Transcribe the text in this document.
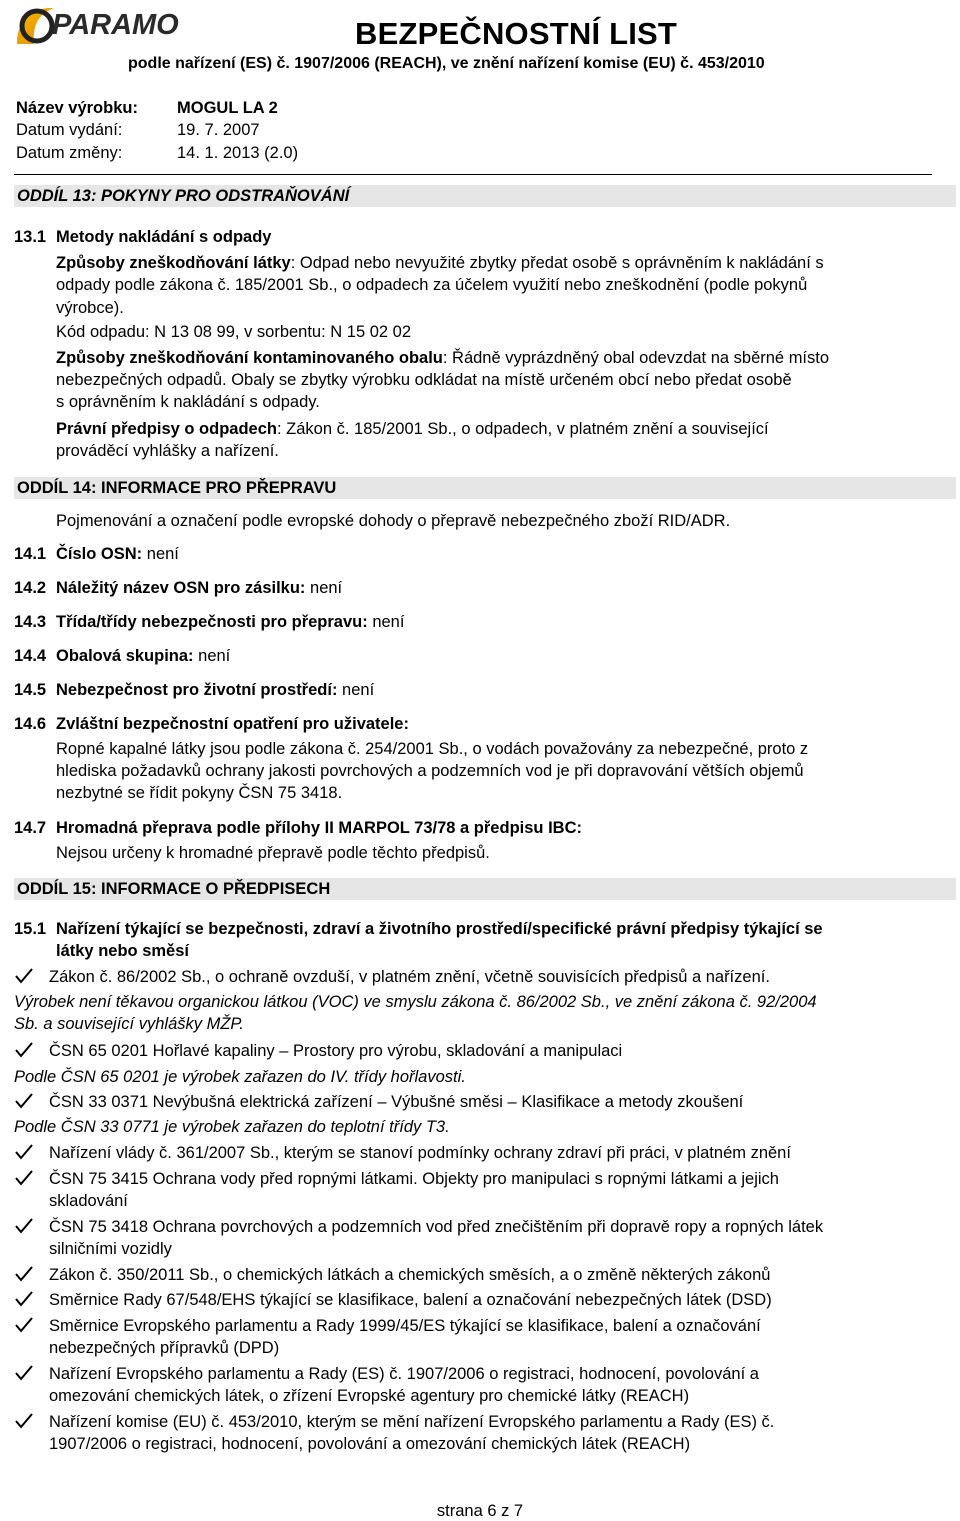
PARAMO	BEZPEČNOSTNÍ LIST
podle nařízení (ES) č. 1907/2006 (REACH), ve znění nařízení komise (EU) č. 453/2010
Název výrobku: MOGUL LA 2
Datum vydání:	19. 7. 2007
Datum změny:	14. 1. 2013 (2.0)
ODDÍL 13: POKYNY PRO ODSTRAŇOVÁNÍ
13.1 Metody nakládání s odpady
Způsoby zneškodňování látky: Odpad nebo nevyužité zbytky předat osobě s oprávněním k nakládání s
odpady podle zákona č. 185/2001 Sb., o odpadech za účelem využití nebo zneškodnění (podle pokynů
výrobce).
Kód odpadu: N 13 08 99, v sorbentu: N 15 02 02
Způsoby zneškodňování kontaminovaného obalu: Řádně vyprázdněný obal odevzdat na sběrné místo
nebezpečných odpadů. Obaly se zbytky výrobku odkládat na místě určeném obcí nebo předat osobě
s oprávněním k nakládání s odpady.
Právní předpisy o odpadech: Zákon č. 185/2001 Sb., o odpadech, v platném znění a související
prováděcí vyhlášky a nařízení.
ODDÍL 14: INFORMACE PRO PŘEPRAVU
Pojmenování a označení podle evropské dohody o přepravě nebezpečného zboží RID/ADR.
14.1 Číslo OSN: není
14.2 Náležitý název OSN pro zásilku: není
14.3 Třída/třídy nebezpečnosti pro přepravu: není
14.4 Obalová skupina: není
14.5 Nebezpečnost pro životní prostředí: není
14.6 Zvláštní bezpečnostní opatření pro uživatele:
Ropné kapalné látky jsou podle zákona č. 254/2001 Sb., o vodách považovány za nebezpečné, proto z
hlediska požadavků ochrany jakosti povrchových a podzemních vod je při dopravování větších objemů
nezbytné se řídit pokyny ČSN 75 3418.
14.7 Hromadná přeprava podle přílohy II MARPOL 73/78 a předpisu IBC:
Nejsou určeny k hromadné přepravě podle těchto předpisů.
ODDÍL 15: INFORMACE O PŘEDPISECH
15.1 Nařízení týkající se bezpečnosti, zdraví a životního prostředí/specifické právní předpisy týkající se
látky nebo směsí
Zákon č. 86/2002 Sb., o ochraně ovzduší, v platném znění, včetně souvisících předpisů a nařízení.
Výrobek není těkavou organickou látkou (VOC) ve smyslu zákona č. 86/2002 Sb., ve znění zákona č. 92/2004
Sb. a související vyhlášky MŽP.
ČSN 65 0201 Hořlavé kapaliny – Prostory pro výrobu, skladování a manipulaci
Podle ČSN 65 0201 je výrobek zařazen do IV. třídy hořlavosti.
ČSN 33 0371 Nevýbušná elektrická zařízení – Výbušné směsi – Klasifikace a metody zkoušení
Podle ČSN 33 0771 je výrobek zařazen do teplotní třídy T3.
Nařízení vlády č. 361/2007 Sb., kterým se stanoví podmínky ochrany zdraví při práci, v platném znění
ČSN 75 3415 Ochrana vody před ropnými látkami. Objekty pro manipulaci s ropnými látkami a jejich
skladování
ČSN 75 3418 Ochrana povrchových a podzemních vod před znečištěním při dopravě ropy a ropných látek
silničními vozidly
Zákon č. 350/2011 Sb., o chemických látkách a chemických směsích, a o změně některých zákonů
Směrnice Rady 67/548/EHS týkající se klasifikace, balení a označování nebezpečných látek (DSD)
Směrnice Evropského parlamentu a Rady 1999/45/ES týkající se klasifikace, balení a označování
nebezpečných přípravků (DPD)
Nařízení Evropského parlamentu a Rady (ES) č. 1907/2006 o registraci, hodnocení, povolování a
omezování chemických látek, o zřízení Evropské agentury pro chemické látky (REACH)
Nařízení komise (EU) č. 453/2010, kterým se mění nařízení Evropského parlamentu a Rady (ES) č.
1907/2006 o registraci, hodnocení, povolování a omezování chemických látek (REACH)
strana 6 z 7
